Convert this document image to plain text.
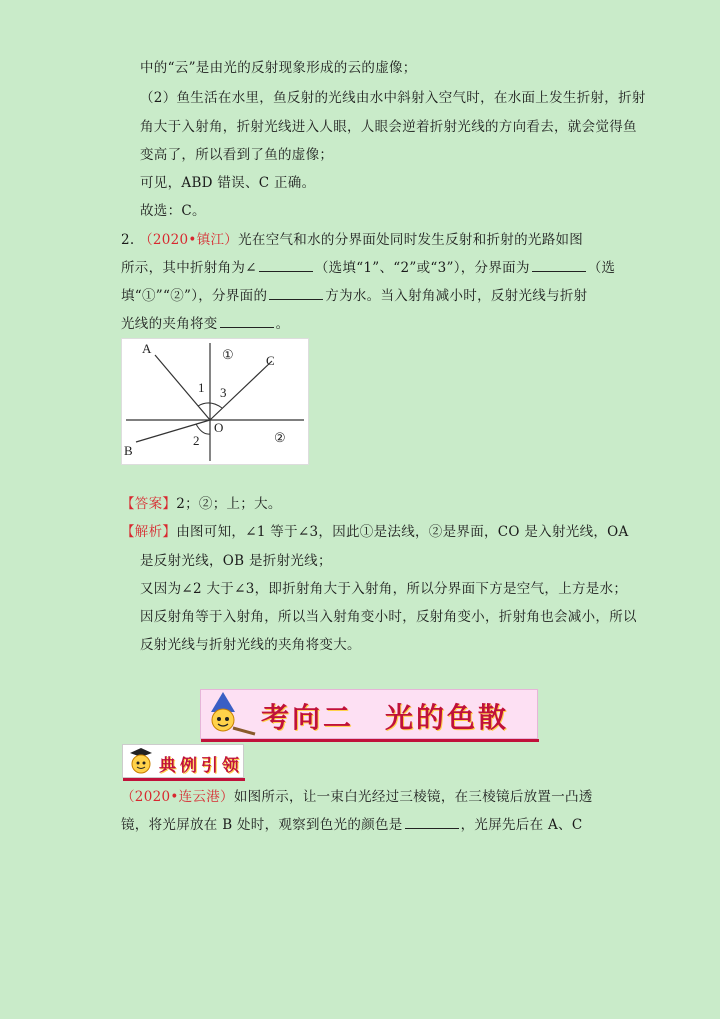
中的“云”是由光的反射现象形成的云的虚像；
（2）鱼生活在水里，鱼反射的光线由水中斜射入空气时，在水面上发生折射，折射
角大于入射角，折射光线进入人眼，人眼会逆着折射光线的方向看去，就会觉得鱼
变高了，所以看到了鱼的虚像；
可见，ABD 错误、C 正确。
故选：C。
2. （2020•镇江）光在空气和水的分界面处同时发生反射和折射的光路如图
所示，其中折射角为∠	（选填“1”、“2”或“3”），分界面为	（选
填“①”“②”），分界面的	方为水。当入射角减小时，反射光线与折射
光线的夹角将变	。
A
C
B
O
1 3
2
①
②
【答案】2；②；上；大。
【解析】由图可知，∠1 等于∠3，因此①是法线，②是界面，CO 是入射光线，OA
是反射光线，OB 是折射光线；
又因为∠2 大于∠3，即折射角大于入射角，所以分界面下方是空气，上方是水；
因反射角等于入射角，所以当入射角变小时，反射角变小，折射角也会减小，所以
反射光线与折射光线的夹角将变大。
考向二　光的色散
典例引领
（2020•连云港）如图所示，让一束白光经过三棱镜，在三棱镜后放置一凸透
镜，将光屏放在 B 处时，观察到色光的颜色是	，光屏先后在 A、C
